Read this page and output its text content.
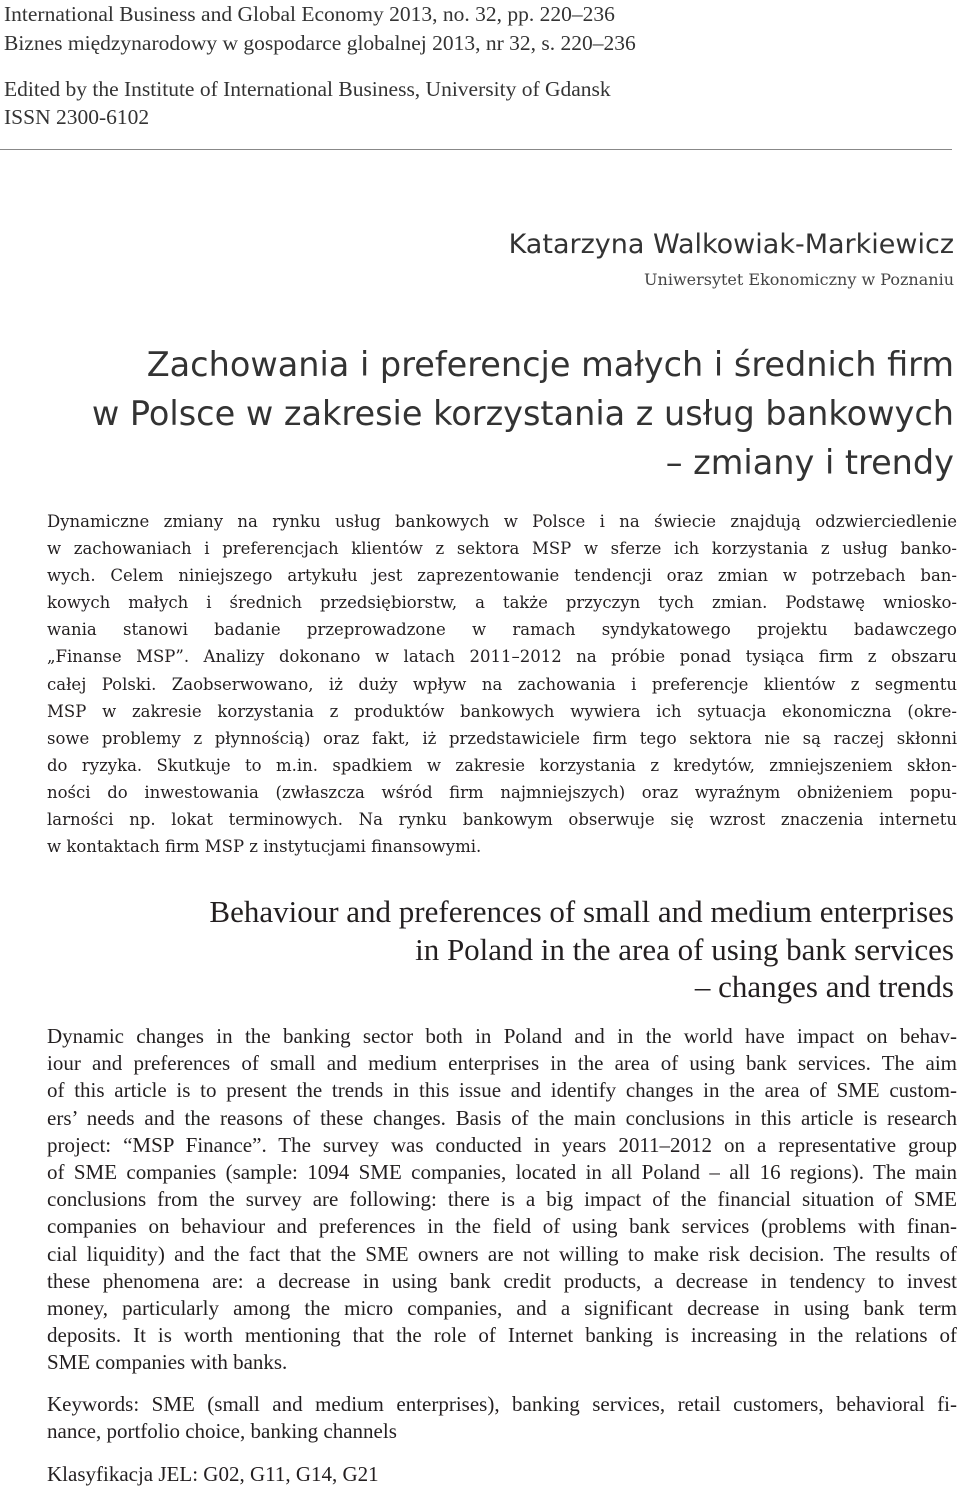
International Business and Global Economy 2013, no. 32, pp. 220–236
Biznes międzynarodowy w gospodarce globalnej 2013, nr 32, s. 220–236
Edited by the Institute of International Business, University of Gdansk
ISSN 2300-6102
Katarzyna Walkowiak-Markiewicz
Uniwersytet Ekonomiczny w Poznaniu
Zachowania i preferencje małych i średnich firm
w Polsce w zakresie korzystania z usług bankowych
– zmiany i trendy
Dynamiczne zmiany na rynku usług bankowych w Polsce i na świecie znajdują odzwierciedlenie
w zachowaniach i preferencjach klientów z sektora MSP w sferze ich korzystania z usług banko-
wych. Celem niniejszego artykułu jest zaprezentowanie tendencji oraz zmian w potrzebach ban-
kowych małych i średnich przedsiębiorstw, a także przyczyn tych zmian. Podstawę wniosko-
wania stanowi badanie przeprowadzone w ramach syndykatowego projektu badawczego
„Finanse MSP”. Analizy dokonano w latach 2011–2012 na próbie ponad tysiąca firm z obszaru
całej Polski. Zaobserwowano, iż duży wpływ na zachowania i preferencje klientów z segmentu
MSP w zakresie korzystania z produktów bankowych wywiera ich sytuacja ekonomiczna (okre-
sowe problemy z płynnością) oraz fakt, iż przedstawiciele firm tego sektora nie są raczej skłonni
do ryzyka. Skutkuje to m.in. spadkiem w zakresie korzystania z kredytów, zmniejszeniem skłon-
ności do inwestowania (zwłaszcza wśród firm najmniejszych) oraz wyraźnym obniżeniem popu-
larności np. lokat terminowych. Na rynku bankowym obserwuje się wzrost znaczenia internetu
w kontaktach firm MSP z instytucjami finansowymi.
Behaviour and preferences of small and medium enterprises
in Poland in the area of using bank services
– changes and trends
Dynamic changes in the banking sector both in Poland and in the world have impact on behav-
iour and preferences of small and medium enterprises in the area of using bank services. The aim
of this article is to present the trends in this issue and identify changes in the area of SME custom-
ers’ needs and the reasons of these changes. Basis of the main conclusions in this article is research
project: “MSP Finance”. The survey was conducted in years 2011–2012 on a representative group
of SME companies (sample: 1094 SME companies, located in all Poland – all 16 regions). The main
conclusions from the survey are following: there is a big impact of the financial situation of SME
companies on behaviour and preferences in the field of using bank services (problems with finan-
cial liquidity) and the fact that the SME owners are not willing to make risk decision. The results of
these phenomena are: a decrease in using bank credit products, a decrease in tendency to invest
money, particularly among the micro companies, and a significant decrease in using bank term
deposits. It is worth mentioning that the role of Internet banking is increasing in the relations of
SME companies with banks.
Keywords: SME (small and medium enterprises), banking services, retail customers, behavioral fi-
nance, portfolio choice, banking channels
Klasyfikacja JEL: G02, G11, G14, G21
